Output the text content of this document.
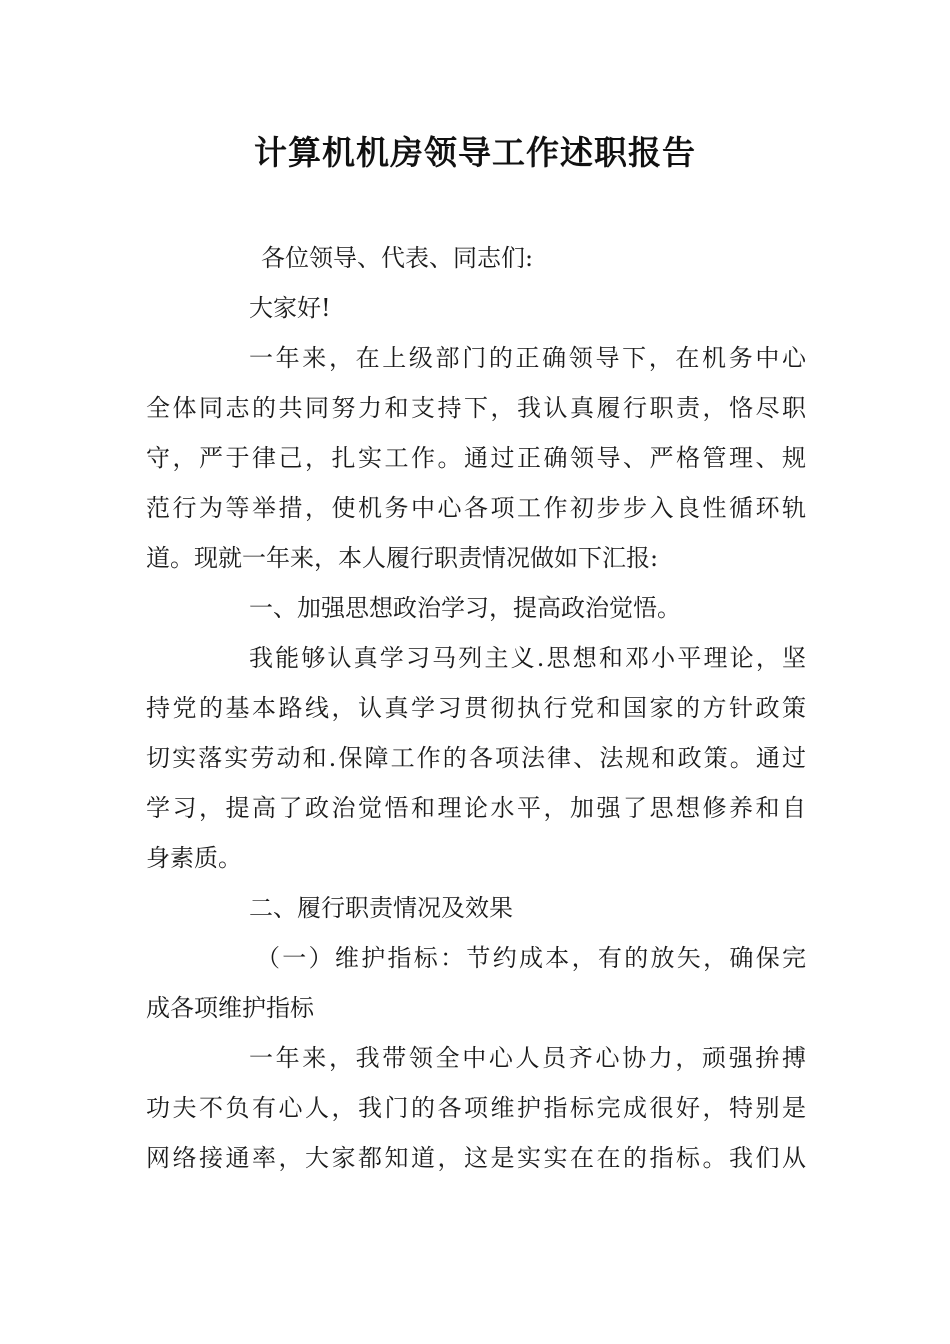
计算机机房领导工作述职报告
各位领导、代表、同志们:
大家好!
一年来，在上级部门的正确领导下，在机务中心
全体同志的共同努力和支持下，我认真履行职责，恪尽职
守，严于律己，扎实工作。通过正确领导、严格管理、规
范行为等举措，使机务中心各项工作初步步入良性循环轨
道。现就一年来，本人履行职责情况做如下汇报:
一、加强思想政治学习，提高政治觉悟。
我能够认真学习马列主义.思想和邓小平理论，坚
持党的基本路线，认真学习贯彻执行党和国家的方针政策
切实落实劳动和.保障工作的各项法律、法规和政策。通过
学习，提高了政治觉悟和理论水平，加强了思想修养和自
身素质。
二、履行职责情况及效果
（一）维护指标：节约成本，有的放矢，确保完
成各项维护指标
一年来，我带领全中心人员齐心协力，顽强拚搏
功夫不负有心人，我门的各项维护指标完成很好，特别是
网络接通率，大家都知道，这是实实在在的指标。我们从
